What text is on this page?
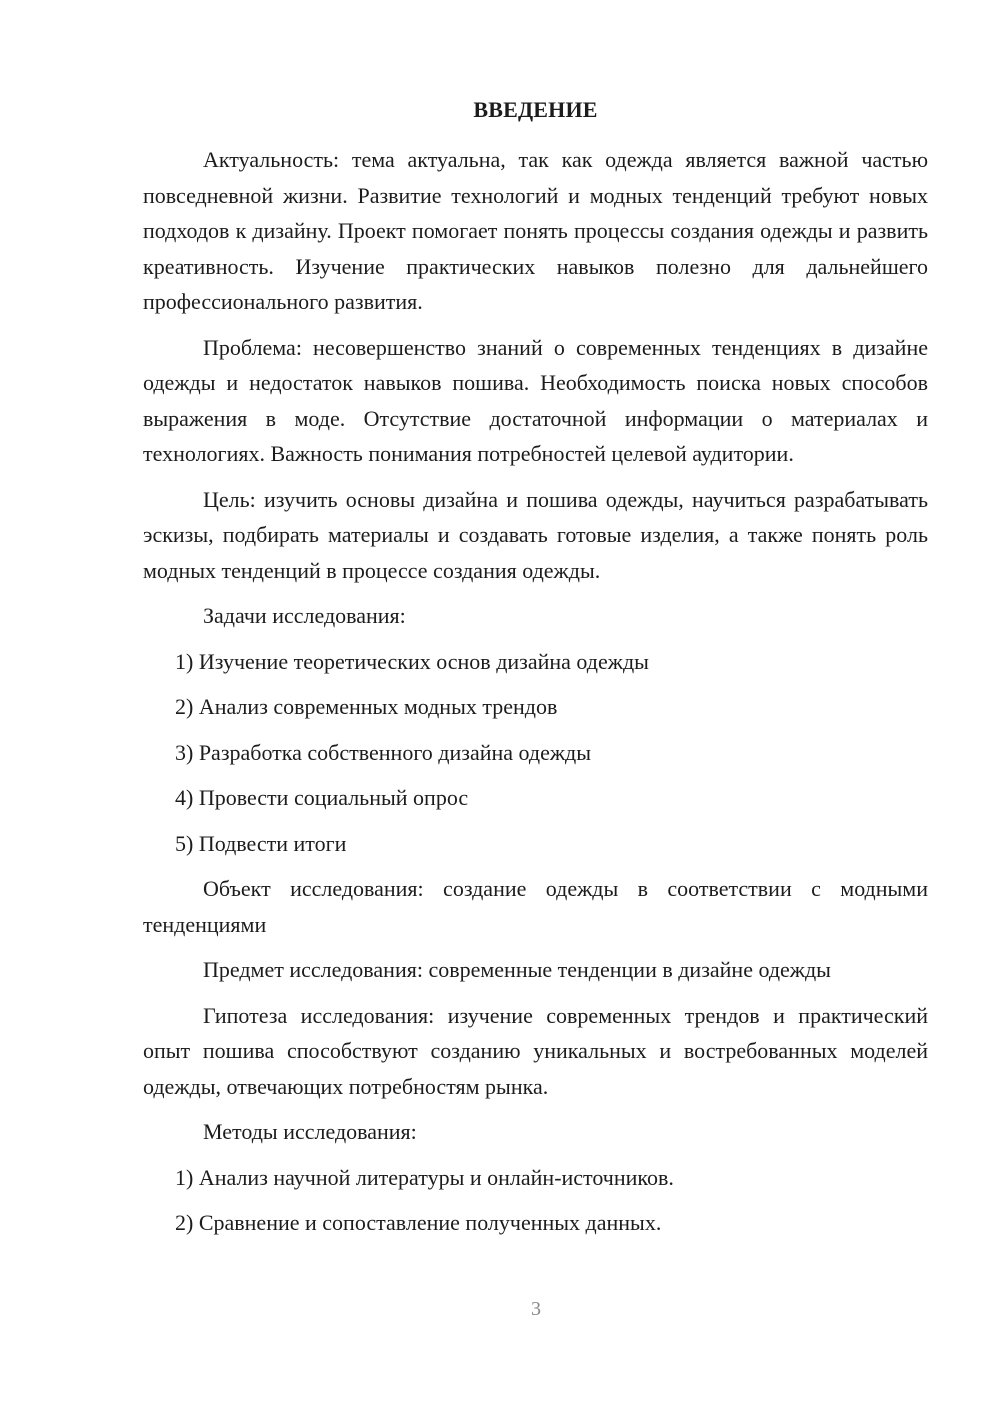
ВВЕДЕНИЕ

Актуальность: тема актуальна, так как одежда является важной частью повседневной жизни. Развитие технологий и модных тенденций требуют новых подходов к дизайну. Проект помогает понять процессы создания одежды и развить креативность. Изучение практических навыков полезно для дальнейшего профессионального развития.

Проблема: несовершенство знаний о современных тенденциях в дизайне одежды и недостаток навыков пошива. Необходимость поиска новых способов выражения в моде. Отсутствие достаточной информации о материалах и технологиях. Важность понимания потребностей целевой аудитории.

Цель: изучить основы дизайна и пошива одежды, научиться разрабатывать эскизы, подбирать материалы и создавать готовые изделия, а также понять роль модных тенденций в процессе создания одежды.

Задачи исследования:

1) Изучение теоретических основ дизайна одежды
2) Анализ современных модных трендов
3) Разработка собственного дизайна одежды
4) Провести социальный опрос
5) Подвести итоги

Объект исследования: создание одежды в соответствии с модными тенденциями

Предмет исследования: современные тенденции в дизайне одежды

Гипотеза исследования: изучение современных трендов и практический опыт пошива способствуют созданию уникальных и востребованных моделей одежды, отвечающих потребностям рынка.

Методы исследования:

1) Анализ научной литературы и онлайн-источников.
2) Сравнение и сопоставление полученных данных.
3
